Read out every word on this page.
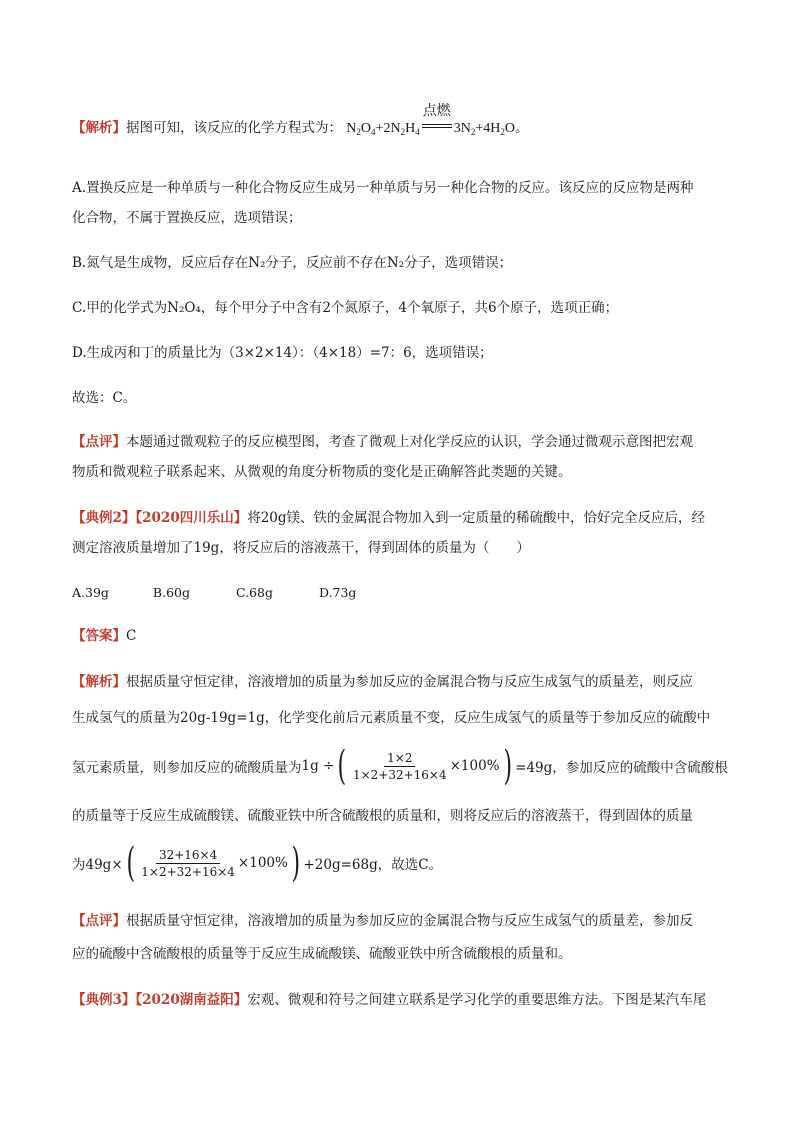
【解析】据图可知，该反应的化学方程式为： $N_2O_4+2N_2H_4$
点燃
$3N_2+4H_2O$。
A.置换反应是一种单质与一种化合物反应生成另一种单质与另一种化合物的反应。该反应的反应物是两种
化合物，不属于置换反应，选项错误；
B.氮气是生成物，反应后存在N₂分子，反应前不存在N₂分子，选项错误；
C.甲的化学式为N₂O₄，每个甲分子中含有2个氮原子，4个氧原子，共6个原子，选项正确；
D.生成丙和丁的质量比为（3×2×14）：（4×18）=7：6，选项错误；
故选：C。
【点评】本题通过微观粒子的反应模型图，考查了微观上对化学反应的认识，学会通过微观示意图把宏观
物质和微观粒子联系起来、从微观的角度分析物质的变化是正确解答此类题的关键。
【典例2】【2020四川乐山】将20g镁、铁的金属混合物加入到一定质量的稀硫酸中，恰好完全反应后，经
测定溶液质量增加了19g，将反应后的溶液蒸干，得到固体的质量为（　　）
A.39g	B.60g	C.68g	D.73g
【答案】C
【解析】根据质量守恒定律，溶液增加的质量为参加反应的金属混合物与反应生成氢气的质量差，则反应
生成氢气的质量为20g-19g=1g，化学变化前后元素质量不变，反应生成氢气的质量等于参加反应的硫酸中
氢元素质量，则参加反应的硫酸质量为 1g ÷ ( $\frac{1\times 2}{1\times 2+32+16\times 4} \times 100\%$ ) =49g，参加反应的硫酸中含硫酸根
的质量等于反应生成硫酸镁、硫酸亚铁中所含硫酸根的质量和，则将反应后的溶液蒸干，得到固体的质量
为49g× ( $\frac{32+16\times 4}{1\times 2+32+16\times 4} \times 100\%$ ) +20g=68g，故选C。
【点评】根据质量守恒定律，溶液增加的质量为参加反应的金属混合物与反应生成氢气的质量差，参加反
应的硫酸中含硫酸根的质量等于反应生成硫酸镁、硫酸亚铁中所含硫酸根的质量和。
【典例3】【2020湖南益阳】宏观、微观和符号之间建立联系是学习化学的重要思维方法。下图是某汽车尾
